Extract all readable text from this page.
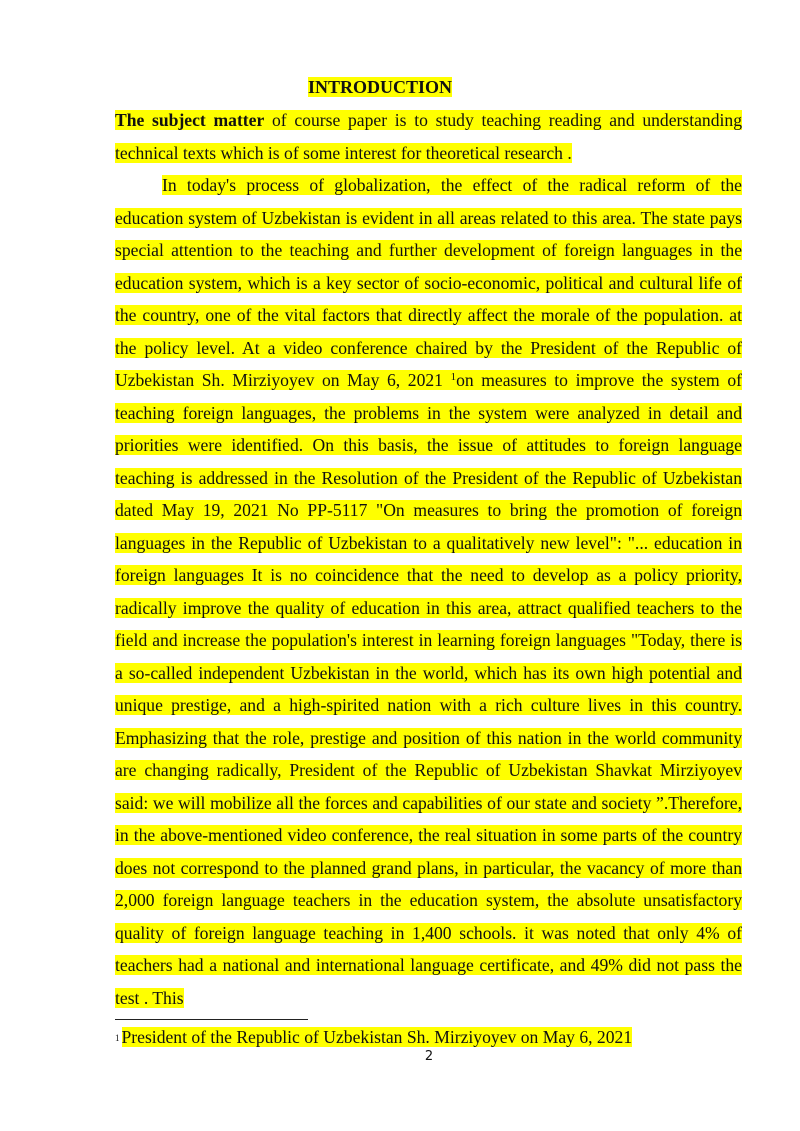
INTRODUCTION

The subject matter of course paper is to study teaching reading and understanding technical texts which is of some interest for theoretical research .

In today's process of globalization, the effect of the radical reform of the education system of Uzbekistan is evident in all areas related to this area. The state pays special attention to the teaching and further development of foreign languages in the education system, which is a key sector of socio-economic, political and cultural life of the country, one of the vital factors that directly affect the morale of the population. at the policy level. At a video conference chaired by the President of the Republic of Uzbekistan Sh. Mirziyoyev on May 6, 2021 $^1$on measures to improve the system of teaching foreign languages, the problems in the system were analyzed in detail and priorities were identified. On this basis, the issue of attitudes to foreign language teaching is addressed in the Resolution of the President of the Republic of Uzbekistan dated May 19, 2021 No PP-5117 "On measures to bring the promotion of foreign languages in the Republic of Uzbekistan to a qualitatively new level": "... education in foreign languages It is no coincidence that the need to develop as a policy priority, radically improve the quality of education in this area, attract qualified teachers to the field and increase the population's interest in learning foreign languages "Today, there is a so-called independent Uzbekistan in the world, which has its own high potential and unique prestige, and a high-spirited nation with a rich culture lives in this country. Emphasizing that the role, prestige and position of this nation in the world community are changing radically, President of the Republic of Uzbekistan Shavkat Mirziyoyev said: we will mobilize all the forces and capabilities of our state and society ”.Therefore, in the above-mentioned video conference, the real situation in some parts of the country does not correspond to the planned grand plans, in particular, the vacancy of more than 2,000 foreign language teachers in the education system, the absolute unsatisfactory quality of foreign language teaching in 1,400 schools. it was noted that only 4% of teachers had a national and international language certificate, and 49% did not pass the test . This

1 President of the Republic of Uzbekistan Sh. Mirziyoyev on May 6, 2021
2
